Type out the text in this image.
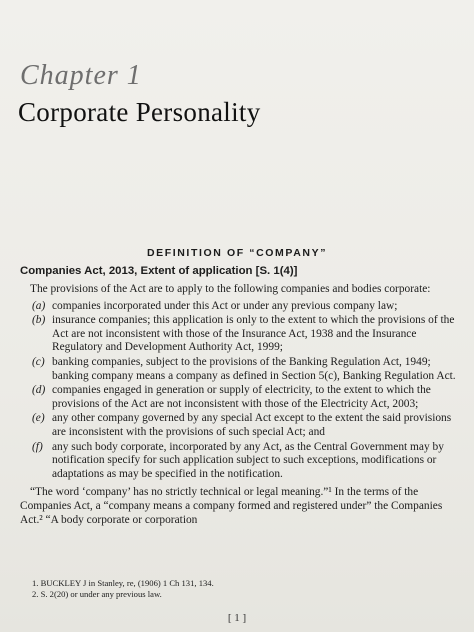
Chapter 1
Corporate Personality
DEFINITION OF “COMPANY”
Companies Act, 2013, Extent of application [S. 1(4)]

The provisions of the Act are to apply to the following companies and bodies corporate:

(a) companies incorporated under this Act or under any previous company law;
(b) insurance companies; this application is only to the extent to which the provisions of the Act are not inconsistent with those of the Insurance Act, 1938 and the Insurance Regulatory and Development Authority Act, 1999;
(c) banking companies, subject to the provisions of the Banking Regulation Act, 1949; banking company means a company as defined in Section 5(c), Banking Regulation Act.
(d) companies engaged in generation or supply of electricity, to the extent to which the provisions of the Act are not inconsistent with those of the Electricity Act, 2003;
(e) any other company governed by any special Act except to the extent the said provisions are inconsistent with the provisions of such special Act; and
(f) any such body corporate, incorporated by any Act, as the Central Government may by notification specify for such application subject to such exceptions, modifications or adaptations as may be specified in the notification.

“The word ‘company’ has no strictly technical or legal meaning.”¹ In the terms of the Companies Act, a “company means a company formed and registered under” the Companies Act.² “A body corporate or corporation

1. BUCKLEY J in Stanley, re, (1906) 1 Ch 131, 134.

2. S. 2(20) or under any previous law.

[ 1 ]
